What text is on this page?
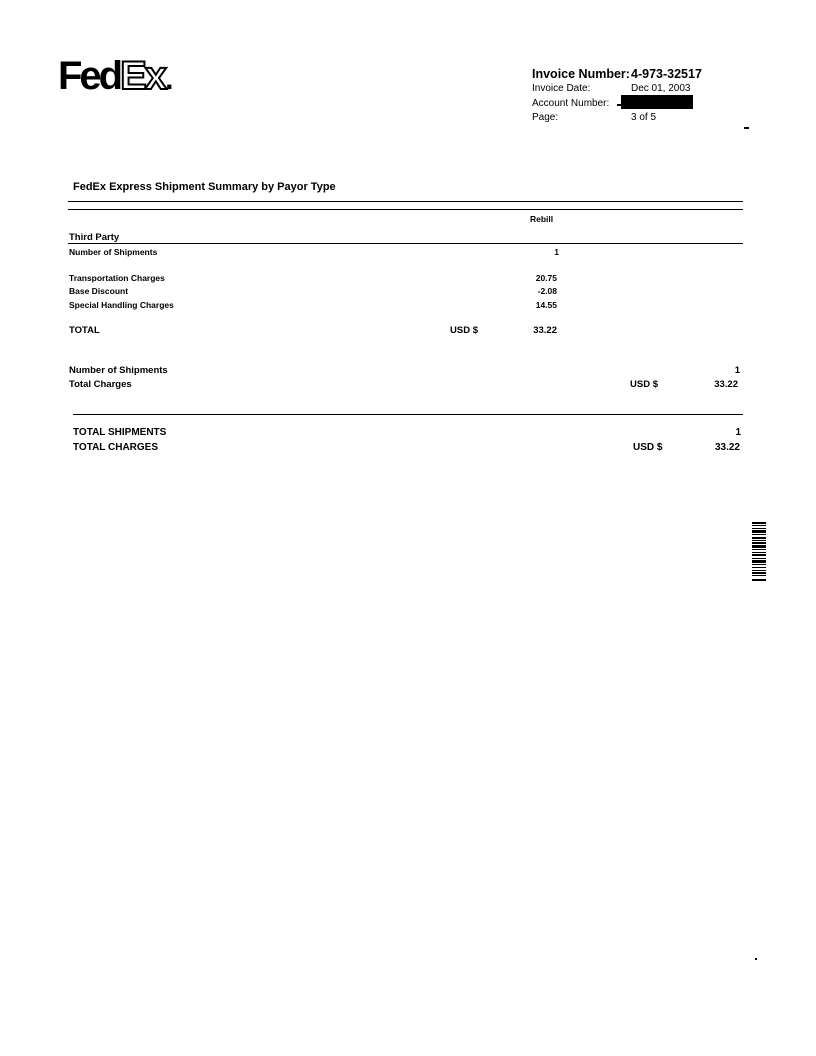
FedEx.	Invoice Number: 4-973-32517
Invoice Date:	Dec 01, 2003
Account Number:
Page:	3 of 5
FedEx Express Shipment Summary by Payor Type
Rebill
Third Party
Number of Shipments	1
Transportation Charges	20.75
Base Discount	-2.08
Special Handling Charges	14.55
TOTAL	USD $	33.22
Number of Shipments	1
Total Charges	USD $	33.22
TOTAL SHIPMENTS	1
TOTAL CHARGES	USD $	33.22
